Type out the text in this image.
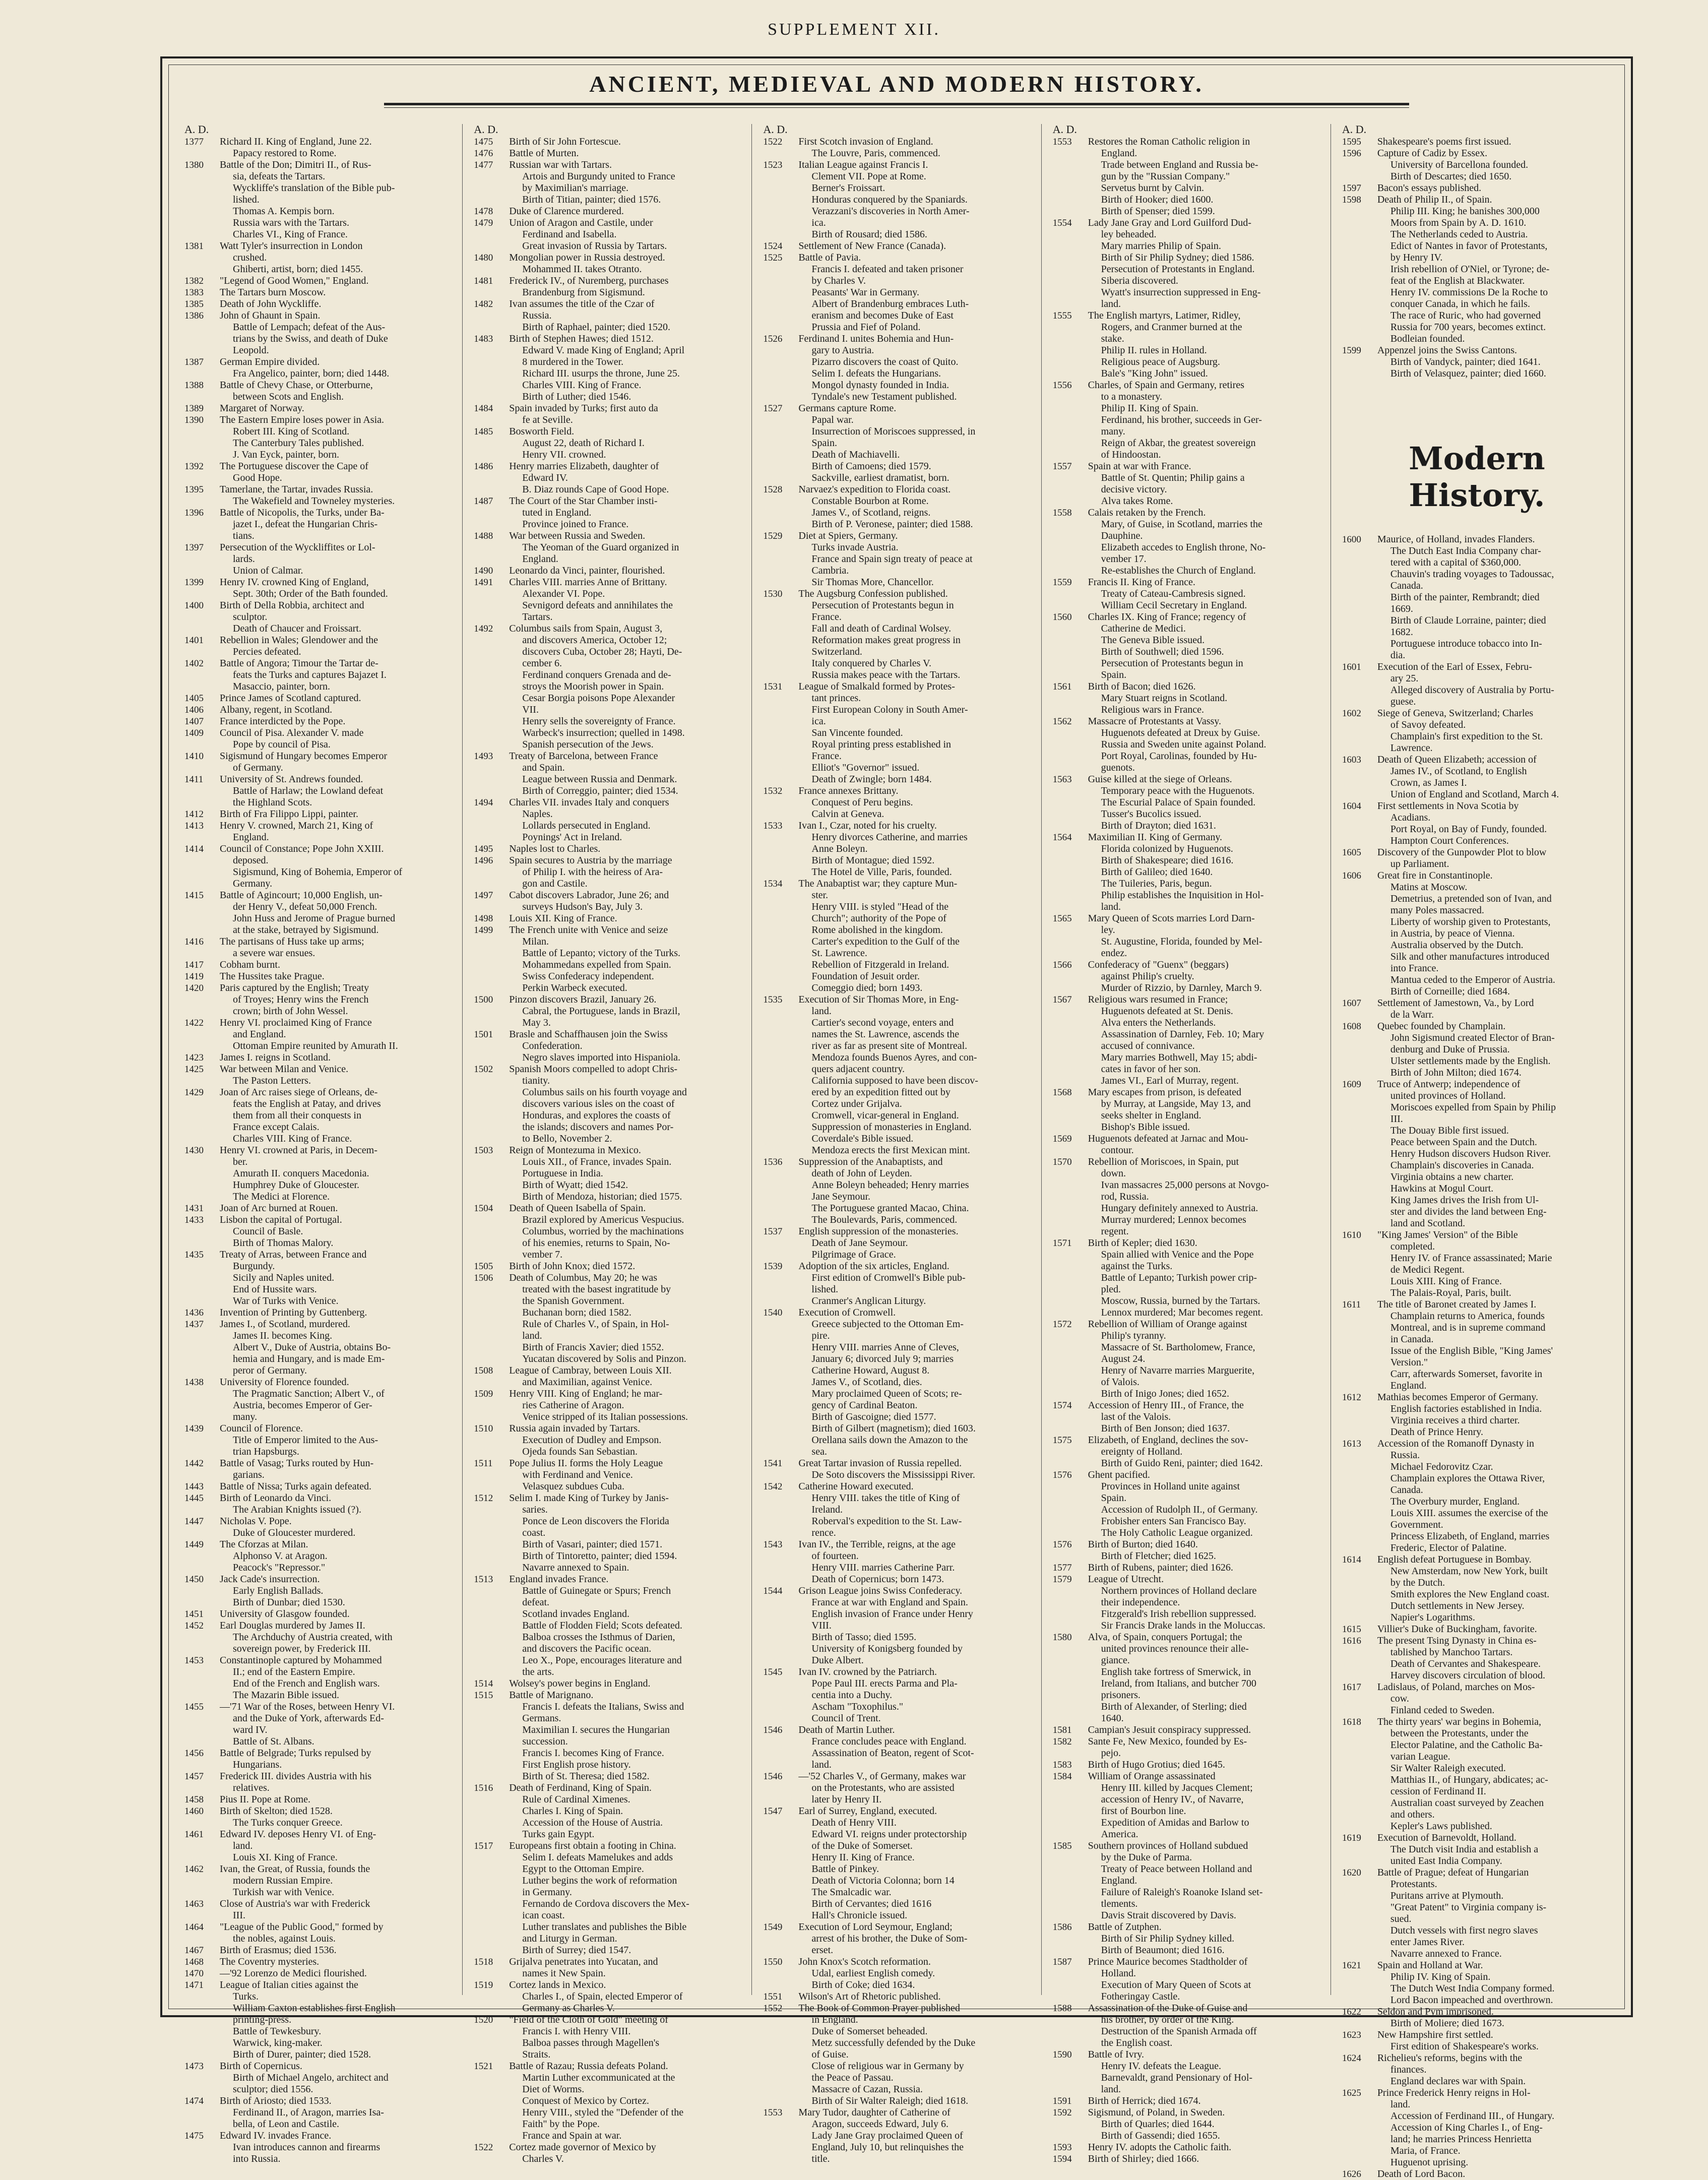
SUPPLEMENT XII.
ANCIENT, MEDIEVAL AND MODERN HISTORY.
A. D.
1377	Richard II. King of England, June 22.
Papacy restored to Rome.
1380	Battle of the Don; Dimitri II., of Rus-
sia, defeats the Tartars.
Wyckliffe's translation of the Bible pub-
lished.
Thomas A. Kempis born.
Russia wars with the Tartars.
Charles VI., King of France.
1381	Watt Tyler's insurrection in London
crushed.
Ghiberti, artist, born; died 1455.
1382	"Legend of Good Women," England.
1383	The Tartars burn Moscow.
1385	Death of John Wyckliffe.
1386	John of Ghaunt in Spain.
Battle of Lempach; defeat of the Aus-
trians by the Swiss, and death of Duke
Leopold.
1387	German Empire divided.
Fra Angelico, painter, born; died 1448.
1388	Battle of Chevy Chase, or Otterburne,
between Scots and English.
1389	Margaret of Norway.
1390	The Eastern Empire loses power in Asia.
Robert III. King of Scotland.
The Canterbury Tales published.
J. Van Eyck, painter, born.
1392	The Portuguese discover the Cape of
Good Hope.
1395	Tamerlane, the Tartar, invades Russia.
The Wakefield and Towneley mysteries.
1396	Battle of Nicopolis, the Turks, under Ba-
jazet I., defeat the Hungarian Chris-
tians.
1397	Persecution of the Wyckliffites or Lol-
lards.
Union of Calmar.
1399	Henry IV. crowned King of England,
Sept. 30th; Order of the Bath founded.
1400	Birth of Della Robbia, architect and
sculptor.
Death of Chaucer and Froissart.
1401	Rebellion in Wales; Glendower and the
Percies defeated.
1402	Battle of Angora; Timour the Tartar de-
feats the Turks and captures Bajazet I.
Masaccio, painter, born.
1405	Prince James of Scotland captured.
1406	Albany, regent, in Scotland.
1407	France interdicted by the Pope.
1409	Council of Pisa. Alexander V. made
Pope by council of Pisa.
1410	Sigismund of Hungary becomes Emperor
of Germany.
1411	University of St. Andrews founded.
Battle of Harlaw; the Lowland defeat
the Highland Scots.
1412	Birth of Fra Filippo Lippi, painter.
1413	Henry V. crowned, March 21, King of
England.
1414	Council of Constance; Pope John XXIII.
deposed.
Sigismund, King of Bohemia, Emperor of
Germany.
1415	Battle of Agincourt; 10,000 English, un-
der Henry V., defeat 50,000 French.
John Huss and Jerome of Prague burned
at the stake, betrayed by Sigismund.
1416	The partisans of Huss take up arms;
a severe war ensues.
1417	Cobham burnt.
1419	The Hussites take Prague.
1420	Paris captured by the English; Treaty
of Troyes; Henry wins the French
crown; birth of John Wessel.
1422	Henry VI. proclaimed King of France
and England.
Ottoman Empire reunited by Amurath II.
1423	James I. reigns in Scotland.
1425	War between Milan and Venice.
The Paston Letters.
1429	Joan of Arc raises siege of Orleans, de-
feats the English at Patay, and drives
them from all their conquests in
France except Calais.
Charles VIII. King of France.
1430	Henry VI. crowned at Paris, in Decem-
ber.
Amurath II. conquers Macedonia.
Humphrey Duke of Gloucester.
The Medici at Florence.
1431	Joan of Arc burned at Rouen.
1433	Lisbon the capital of Portugal.
Council of Basle.
Birth of Thomas Malory.
1435	Treaty of Arras, between France and
Burgundy.
Sicily and Naples united.
End of Hussite wars.
War of Turks with Venice.
1436	Invention of Printing by Guttenberg.
1437	James I., of Scotland, murdered.
James II. becomes King.
Albert V., Duke of Austria, obtains Bo-
hemia and Hungary, and is made Em-
peror of Germany.
1438	University of Florence founded.
The Pragmatic Sanction; Albert V., of
Austria, becomes Emperor of Ger-
many.
1439	Council of Florence.
Title of Emperor limited to the Aus-
trian Hapsburgs.
1442	Battle of Vasag; Turks routed by Hun-
garians.
1443	Battle of Nissa; Turks again defeated.
1445	Birth of Leonardo da Vinci.
The Arabian Knights issued (?).
1447	Nicholas V. Pope.
Duke of Gloucester murdered.
1449	The Cforzas at Milan.
Alphonso V. at Aragon.
Peacock's "Repressor."
1450	Jack Cade's insurrection.
Early English Ballads.
Birth of Dunbar; died 1530.
1451	University of Glasgow founded.
1452	Earl Douglas murdered by James II.
The Archduchy of Austria created, with
sovereign power, by Frederick III.
1453	Constantinople captured by Mohammed
II.; end of the Eastern Empire.
End of the French and English wars.
The Mazarin Bible issued.
1455	—'71 War of the Roses, between Henry VI.
and the Duke of York, afterwards Ed-
ward IV.
Battle of St. Albans.
1456	Battle of Belgrade; Turks repulsed by
Hungarians.
1457	Frederick III. divides Austria with his
relatives.
1458	Pius II. Pope at Rome.
1460	Birth of Skelton; died 1528.
The Turks conquer Greece.
1461	Edward IV. deposes Henry VI. of Eng-
land.
Louis XI. King of France.
1462	Ivan, the Great, of Russia, founds the
modern Russian Empire.
Turkish war with Venice.
1463	Close of Austria's war with Frederick
III.
1464	"League of the Public Good," formed by
the nobles, against Louis.
1467	Birth of Erasmus; died 1536.
1468	The Coventry mysteries.
1470	—'92 Lorenzo de Medici flourished.
1471	League of Italian cities against the
Turks.
William Caxton establishes first English
printing-press.
Battle of Tewkesbury.
Warwick, king-maker.
Birth of Durer, painter; died 1528.
1473	Birth of Copernicus.
Birth of Michael Angelo, architect and
sculptor; died 1556.
1474	Birth of Ariosto; died 1533.
Ferdinand II., of Aragon, marries Isa-
bella, of Leon and Castile.
1475	Edward IV. invades France.
Ivan introduces cannon and firearms
into Russia.
A. D.
1475	Birth of Sir John Fortescue.
1476	Battle of Murten.
1477	Russian war with Tartars.
Artois and Burgundy united to France
by Maximilian's marriage.
Birth of Titian, painter; died 1576.
1478	Duke of Clarence murdered.
1479	Union of Aragon and Castile, under
Ferdinand and Isabella.
Great invasion of Russia by Tartars.
1480	Mongolian power in Russia destroyed.
Mohammed II. takes Otranto.
1481	Frederick IV., of Nuremberg, purchases
Brandenburg from Sigismund.
1482	Ivan assumes the title of the Czar of
Russia.
Birth of Raphael, painter; died 1520.
1483	Birth of Stephen Hawes; died 1512.
Edward V. made King of England; April
8 murdered in the Tower.
Richard III. usurps the throne, June 25.
Charles VIII. King of France.
Birth of Luther; died 1546.
1484	Spain invaded by Turks; first auto da
fe at Seville.
1485	Bosworth Field.
August 22, death of Richard I.
Henry VII. crowned.
1486	Henry marries Elizabeth, daughter of
Edward IV.
B. Diaz rounds Cape of Good Hope.
1487	The Court of the Star Chamber insti-
tuted in England.
Province joined to France.
1488	War between Russia and Sweden.
The Yeoman of the Guard organized in
England.
1490	Leonardo da Vinci, painter, flourished.
1491	Charles VIII. marries Anne of Brittany.
Alexander VI. Pope.
Sevnigord defeats and annihilates the
Tartars.
1492	Columbus sails from Spain, August 3,
and discovers America, October 12;
discovers Cuba, October 28; Hayti, De-
cember 6.
Ferdinand conquers Grenada and de-
stroys the Moorish power in Spain.
Cesar Borgia poisons Pope Alexander
VII.
Henry sells the sovereignty of France.
Warbeck's insurrection; quelled in 1498.
Spanish persecution of the Jews.
1493	Treaty of Barcelona, between France
and Spain.
League between Russia and Denmark.
Birth of Correggio, painter; died 1534.
1494	Charles VII. invades Italy and conquers
Naples.
Lollards persecuted in England.
Poynings' Act in Ireland.
1495	Naples lost to Charles.
1496	Spain secures to Austria by the marriage
of Philip I. with the heiress of Ara-
gon and Castile.
1497	Cabot discovers Labrador, June 26; and
surveys Hudson's Bay, July 3.
1498	Louis XII. King of France.
1499	The French unite with Venice and seize
Milan.
Battle of Lepanto; victory of the Turks.
Mohammedans expelled from Spain.
Swiss Confederacy independent.
Perkin Warbeck executed.
1500	Pinzon discovers Brazil, January 26.
Cabral, the Portuguese, lands in Brazil,
May 3.
1501	Brasle and Schaffhausen join the Swiss
Confederation.
Negro slaves imported into Hispaniola.
1502	Spanish Moors compelled to adopt Chris-
tianity.
Columbus sails on his fourth voyage and
discovers various isles on the coast of
Honduras, and explores the coasts of
the islands; discovers and names Por-
to Bello, November 2.
1503	Reign of Montezuma in Mexico.
Louis XII., of France, invades Spain.
Portuguese in India.
Birth of Wyatt; died 1542.
Birth of Mendoza, historian; died 1575.
1504	Death of Queen Isabella of Spain.
Brazil explored by Americus Vespucius.
Columbus, worried by the machinations
of his enemies, returns to Spain, No-
vember 7.
1505	Birth of John Knox; died 1572.
1506	Death of Columbus, May 20; he was
treated with the basest ingratitude by
the Spanish Government.
Buchanan born; died 1582.
Rule of Charles V., of Spain, in Hol-
land.
Birth of Francis Xavier; died 1552.
Yucatan discovered by Solis and Pinzon.
1508	League of Cambray, between Louis XII.
and Maximilian, against Venice.
1509	Henry VIII. King of England; he mar-
ries Catherine of Aragon.
Venice stripped of its Italian possessions.
1510	Russia again invaded by Tartars.
Execution of Dudley and Empson.
Ojeda founds San Sebastian.
1511	Pope Julius II. forms the Holy League
with Ferdinand and Venice.
Velasquez subdues Cuba.
1512	Selim I. made King of Turkey by Janis-
saries.
Ponce de Leon discovers the Florida
coast.
Birth of Vasari, painter; died 1571.
Birth of Tintoretto, painter; died 1594.
Navarre annexed to Spain.
1513	England invades France.
Battle of Guinegate or Spurs; French
defeat.
Scotland invades England.
Battle of Flodden Field; Scots defeated.
Balboa crosses the Isthmus of Darien,
and discovers the Pacific ocean.
Leo X., Pope, encourages literature and
the arts.
1514	Wolsey's power begins in England.
1515	Battle of Marignano.
Francis I. defeats the Italians, Swiss and
Germans.
Maximilian I. secures the Hungarian
succession.
Francis I. becomes King of France.
First English prose history.
Birth of St. Theresa; died 1582.
1516	Death of Ferdinand, King of Spain.
Rule of Cardinal Ximenes.
Charles I. King of Spain.
Accession of the House of Austria.
Turks gain Egypt.
1517	Europeans first obtain a footing in China.
Selim I. defeats Mamelukes and adds
Egypt to the Ottoman Empire.
Luther begins the work of reformation
in Germany.
Fernando de Cordova discovers the Mex-
ican coast.
Luther translates and publishes the Bible
and Liturgy in German.
Birth of Surrey; died 1547.
1518	Grijalva penetrates into Yucatan, and
names it New Spain.
1519	Cortez lands in Mexico.
Charles I., of Spain, elected Emperor of
Germany as Charles V.
1520	"Field of the Cloth of Gold" meeting of
Francis I. with Henry VIII.
Balboa passes through Magellen's
Straits.
1521	Battle of Razau; Russia defeats Poland.
Martin Luther excommunicated at the
Diet of Worms.
Conquest of Mexico by Cortez.
Henry VIII., styled the "Defender of the
Faith" by the Pope.
France and Spain at war.
1522	Cortez made governor of Mexico by
Charles V.
A. D.
1522	First Scotch invasion of England.
The Louvre, Paris, commenced.
1523	Italian League against Francis I.
Clement VII. Pope at Rome.
Berner's Froissart.
Honduras conquered by the Spaniards.
Verazzani's discoveries in North Amer-
ica.
Birth of Rousard; died 1586.
1524	Settlement of New France (Canada).
1525	Battle of Pavia.
Francis I. defeated and taken prisoner
by Charles V.
Peasants' War in Germany.
Albert of Brandenburg embraces Luth-
eranism and becomes Duke of East
Prussia and Fief of Poland.
1526	Ferdinand I. unites Bohemia and Hun-
gary to Austria.
Pizarro discovers the coast of Quito.
Selim I. defeats the Hungarians.
Mongol dynasty founded in India.
Tyndale's new Testament published.
1527	Germans capture Rome.
Papal war.
Insurrection of Moriscoes suppressed, in
Spain.
Death of Machiavelli.
Birth of Camoens; died 1579.
Sackville, earliest dramatist, born.
1528	Narvaez's expedition to Florida coast.
Constable Bourbon at Rome.
James V., of Scotland, reigns.
Birth of P. Veronese, painter; died 1588.
1529	Diet at Spiers, Germany.
Turks invade Austria.
France and Spain sign treaty of peace at
Cambria.
Sir Thomas More, Chancellor.
1530	The Augsburg Confession published.
Persecution of Protestants begun in
France.
Fall and death of Cardinal Wolsey.
Reformation makes great progress in
Switzerland.
Italy conquered by Charles V.
Russia makes peace with the Tartars.
1531	League of Smalkald formed by Protes-
tant princes.
First European Colony in South Amer-
ica.
San Vincente founded.
Royal printing press established in
France.
Elliot's "Governor" issued.
Death of Zwingle; born 1484.
1532	France annexes Brittany.
Conquest of Peru begins.
Calvin at Geneva.
1533	Ivan I., Czar, noted for his cruelty.
Henry divorces Catherine, and marries
Anne Boleyn.
Birth of Montague; died 1592.
The Hotel de Ville, Paris, founded.
1534	The Anabaptist war; they capture Mun-
ster.
Henry VIII. is styled "Head of the
Church"; authority of the Pope of
Rome abolished in the kingdom.
Carter's expedition to the Gulf of the
St. Lawrence.
Rebellion of Fitzgerald in Ireland.
Foundation of Jesuit order.
Comeggio died; born 1493.
1535	Execution of Sir Thomas More, in Eng-
land.
Cartier's second voyage, enters and
names the St. Lawrence, ascends the
river as far as present site of Montreal.
Mendoza founds Buenos Ayres, and con-
quers adjacent country.
California supposed to have been discov-
ered by an expedition fitted out by
Cortez under Grijalva.
Cromwell, vicar-general in England.
Suppression of monasteries in England.
Coverdale's Bible issued.
Mendoza erects the first Mexican mint.
1536	Suppression of the Anabaptists, and
death of John of Leyden.
Anne Boleyn beheaded; Henry marries
Jane Seymour.
The Portuguese granted Macao, China.
The Boulevards, Paris, commenced.
1537	English suppression of the monasteries.
Death of Jane Seymour.
Pilgrimage of Grace.
1539	Adoption of the six articles, England.
First edition of Cromwell's Bible pub-
lished.
Cranmer's Anglican Liturgy.
1540	Execution of Cromwell.
Greece subjected to the Ottoman Em-
pire.
Henry VIII. marries Anne of Cleves,
January 6; divorced July 9; marries
Catherine Howard, August 8.
James V., of Scotland, dies.
Mary proclaimed Queen of Scots; re-
gency of Cardinal Beaton.
Birth of Gascoigne; died 1577.
Birth of Gilbert (magnetism); died 1603.
Orellana sails down the Amazon to the
sea.
1541	Great Tartar invasion of Russia repelled.
De Soto discovers the Mississippi River.
1542	Catherine Howard executed.
Henry VIII. takes the title of King of
Ireland.
Roberval's expedition to the St. Law-
rence.
1543	Ivan IV., the Terrible, reigns, at the age
of fourteen.
Henry VIII. marries Catherine Parr.
Death of Copernicus; born 1473.
1544	Grison League joins Swiss Confederacy.
France at war with England and Spain.
English invasion of France under Henry
VIII.
Birth of Tasso; died 1595.
University of Konigsberg founded by
Duke Albert.
1545	Ivan IV. crowned by the Patriarch.
Pope Paul III. erects Parma and Pla-
centia into a Duchy.
Ascham "Toxophilus."
Council of Trent.
1546	Death of Martin Luther.
France concludes peace with England.
Assassination of Beaton, regent of Scot-
land.
1546	—'52 Charles V., of Germany, makes war
on the Protestants, who are assisted
later by Henry II.
1547	Earl of Surrey, England, executed.
Death of Henry VIII.
Edward VI. reigns under protectorship
of the Duke of Somerset.
Henry II. King of France.
Battle of Pinkey.
Death of Victoria Colonna; born 14
The Smalcadic war.
Birth of Cervantes; died 1616
Hall's Chronicle issued.
1549	Execution of Lord Seymour, England;
arrest of his brother, the Duke of Som-
erset.
1550	John Knox's Scotch reformation.
Udal, earliest English comedy.
Birth of Coke; died 1634.
1551	Wilson's Art of Rhetoric published.
1552	The Book of Common Prayer published
in England.
Duke of Somerset beheaded.
Metz successfully defended by the Duke
of Guise.
Close of religious war in Germany by
the Peace of Passau.
Massacre of Cazan, Russia.
Birth of Sir Walter Raleigh; died 1618.
1553	Mary Tudor, daughter of Catherine of
Aragon, succeeds Edward, July 6.
Lady Jane Gray proclaimed Queen of
England, July 10, but relinquishes the
title.
A. D.
1553	Restores the Roman Catholic religion in
England.
Trade between England and Russia be-
gun by the "Russian Company."
Servetus burnt by Calvin.
Birth of Hooker; died 1600.
Birth of Spenser; died 1599.
1554	Lady Jane Gray and Lord Guilford Dud-
ley beheaded.
Mary marries Philip of Spain.
Birth of Sir Philip Sydney; died 1586.
Persecution of Protestants in England.
Siberia discovered.
Wyatt's insurrection suppressed in Eng-
land.
1555	The English martyrs, Latimer, Ridley,
Rogers, and Cranmer burned at the
stake.
Philip II. rules in Holland.
Religious peace of Augsburg.
Bale's "King John" issued.
1556	Charles, of Spain and Germany, retires
to a monastery.
Philip II. King of Spain.
Ferdinand, his brother, succeeds in Ger-
many.
Reign of Akbar, the greatest sovereign
of Hindoostan.
1557	Spain at war with France.
Battle of St. Quentin; Philip gains a
decisive victory.
Alva takes Rome.
1558	Calais retaken by the French.
Mary, of Guise, in Scotland, marries the
Dauphine.
Elizabeth accedes to English throne, No-
vember 17.
Re-establishes the Church of England.
1559	Francis II. King of France.
Treaty of Cateau-Cambresis signed.
William Cecil Secretary in England.
1560	Charles IX. King of France; regency of
Catherine de Medici.
The Geneva Bible issued.
Birth of Southwell; died 1596.
Persecution of Protestants begun in
Spain.
1561	Birth of Bacon; died 1626.
Mary Stuart reigns in Scotland.
Religious wars in France.
1562	Massacre of Protestants at Vassy.
Huguenots defeated at Dreux by Guise.
Russia and Sweden unite against Poland.
Port Royal, Carolinas, founded by Hu-
guenots.
1563	Guise killed at the siege of Orleans.
Temporary peace with the Huguenots.
The Escurial Palace of Spain founded.
Tusser's Bucolics issued.
Birth of Drayton; died 1631.
1564	Maximilian II. King of Germany.
Florida colonized by Huguenots.
Birth of Shakespeare; died 1616.
Birth of Galileo; died 1640.
The Tuileries, Paris, begun.
Philip establishes the Inquisition in Hol-
land.
1565	Mary Queen of Scots marries Lord Darn-
ley.
St. Augustine, Florida, founded by Mel-
endez.
1566	Confederacy of "Guenx" (beggars)
against Philip's cruelty.
Murder of Rizzio, by Darnley, March 9.
1567	Religious wars resumed in France;
Huguenots defeated at St. Denis.
Alva enters the Netherlands.
Assassination of Darnley, Feb. 10; Mary
accused of connivance.
Mary marries Bothwell, May 15; abdi-
cates in favor of her son.
James VI., Earl of Murray, regent.
1568	Mary escapes from prison, is defeated
by Murray, at Langside, May 13, and
seeks shelter in England.
Bishop's Bible issued.
1569	Huguenots defeated at Jarnac and Mou-
contour.
1570	Rebellion of Moriscoes, in Spain, put
down.
Ivan massacres 25,000 persons at Novgo-
rod, Russia.
Hungary definitely annexed to Austria.
Murray murdered; Lennox becomes
regent.
1571	Birth of Kepler; died 1630.
Spain allied with Venice and the Pope
against the Turks.
Battle of Lepanto; Turkish power crip-
pled.
Moscow, Russia, burned by the Tartars.
Lennox murdered; Mar becomes regent.
1572	Rebellion of William of Orange against
Philip's tyranny.
Massacre of St. Bartholomew, France,
August 24.
Henry of Navarre marries Marguerite,
of Valois.
Birth of Inigo Jones; died 1652.
1574	Accession of Henry III., of France, the
last of the Valois.
Birth of Ben Jonson; died 1637.
1575	Elizabeth, of England, declines the sov-
ereignty of Holland.
Birth of Guido Reni, painter; died 1642.
1576	Ghent pacified.
Provinces in Holland unite against
Spain.
Accession of Rudolph II., of Germany.
Frobisher enters San Francisco Bay.
The Holy Catholic League organized.
1576	Birth of Burton; died 1640.
Birth of Fletcher; died 1625.
1577	Birth of Rubens, painter; died 1626.
1579	League of Utrecht.
Northern provinces of Holland declare
their independence.
Fitzgerald's Irish rebellion suppressed.
Sir Francis Drake lands in the Moluccas.
1580	Alva, of Spain, conquers Portugal; the
united provinces renounce their alle-
giance.
English take fortress of Smerwick, in
Ireland, from Italians, and butcher 700
prisoners.
Birth of Alexander, of Sterling; died
1640.
1581	Campian's Jesuit conspiracy suppressed.
1582	Sante Fe, New Mexico, founded by Es-
pejo.
1583	Birth of Hugo Grotius; died 1645.
1584	William of Orange assassinated
Henry III. killed by Jacques Clement;
accession of Henry IV., of Navarre,
first of Bourbon line.
Expedition of Amidas and Barlow to
America.
1585	Southern provinces of Holland subdued
by the Duke of Parma.
Treaty of Peace between Holland and
England.
Failure of Raleigh's Roanoke Island set-
tlements.
Davis Strait discovered by Davis.
1586	Battle of Zutphen.
Birth of Sir Philip Sydney killed.
Birth of Beaumont; died 1616.
1587	Prince Maurice becomes Stadtholder of
Holland.
Execution of Mary Queen of Scots at
Fotheringay Castle.
1588	Assassination of the Duke of Guise and
his brother, by order of the King.
Destruction of the Spanish Armada off
the English coast.
1590	Battle of Ivry.
Henry IV. defeats the League.
Barnevaldt, grand Pensionary of Hol-
land.
1591	Birth of Herrick; died 1674.
1592	Sigismund, of Poland, in Sweden.
Birth of Quarles; died 1644.
Birth of Gassendi; died 1655.
1593	Henry IV. adopts the Catholic faith.
1594	Birth of Shirley; died 1666.
A. D.
1595	Shakespeare's poems first issued.
1596	Capture of Cadiz by Essex.
University of Barcellona founded.
Birth of Descartes; died 1650.
1597	Bacon's essays published.
1598	Death of Philip II., of Spain.
Philip III. King; he banishes 300,000
Moors from Spain by A. D. 1610.
The Netherlands ceded to Austria.
Edict of Nantes in favor of Protestants,
by Henry IV.
Irish rebellion of O'Niel, or Tyrone; de-
feat of the English at Blackwater.
Henry IV. commissions De la Roche to
conquer Canada, in which he fails.
The race of Ruric, who had governed
Russia for 700 years, becomes extinct.
Bodleian founded.
1599	Appenzel joins the Swiss Cantons.
Birth of Vandyck, painter; died 1641.
Birth of Velasquez, painter; died 1660.
Modern History.
1600	Maurice, of Holland, invades Flanders.
The Dutch East India Company char-
tered with a capital of $360,000.
Chauvin's trading voyages to Tadoussac,
Canada.
Birth of the painter, Rembrandt; died
1669.
Birth of Claude Lorraine, painter; died
1682.
Portuguese introduce tobacco into In-
dia.
1601	Execution of the Earl of Essex, Febru-
ary 25.
Alleged discovery of Australia by Portu-
guese.
1602	Siege of Geneva, Switzerland; Charles
of Savoy defeated.
Champlain's first expedition to the St.
Lawrence.
1603	Death of Queen Elizabeth; accession of
James IV., of Scotland, to English
Crown, as James I.
Union of England and Scotland, March 4.
1604	First settlements in Nova Scotia by
Acadians.
Port Royal, on Bay of Fundy, founded.
Hampton Court Conferences.
1605	Discovery of the Gunpowder Plot to blow
up Parliament.
1606	Great fire in Constantinople.
Matins at Moscow.
Demetrius, a pretended son of Ivan, and
many Poles massacred.
Liberty of worship given to Protestants,
in Austria, by peace of Vienna.
Australia observed by the Dutch.
Silk and other manufactures introduced
into France.
Mantua ceded to the Emperor of Austria.
Birth of Corneille; died 1684.
1607	Settlement of Jamestown, Va., by Lord
de la Warr.
1608	Quebec founded by Champlain.
John Sigismund created Elector of Bran-
denburg and Duke of Prussia.
Ulster settlements made by the English.
Birth of John Milton; died 1674.
1609	Truce of Antwerp; independence of
united provinces of Holland.
Moriscoes expelled from Spain by Philip
III.
The Douay Bible first issued.
Peace between Spain and the Dutch.
Henry Hudson discovers Hudson River.
Champlain's discoveries in Canada.
Virginia obtains a new charter.
Hawkins at Mogul Court.
King James drives the Irish from Ul-
ster and divides the land between Eng-
land and Scotland.
1610	"King James' Version" of the Bible
completed.
Henry IV. of France assassinated; Marie
de Medici Regent.
Louis XIII. King of France.
The Palais-Royal, Paris, built.
1611	The title of Baronet created by James I.
Champlain returns to America, founds
Montreal, and is in supreme command
in Canada.
Issue of the English Bible, "King James'
Version."
Carr, afterwards Somerset, favorite in
England.
1612	Mathias becomes Emperor of Germany.
English factories established in India.
Virginia receives a third charter.
Death of Prince Henry.
1613	Accession of the Romanoff Dynasty in
Russia.
Michael Fedorovitz Czar.
Champlain explores the Ottawa River,
Canada.
The Overbury murder, England.
Louis XIII. assumes the exercise of the
Government.
Princess Elizabeth, of England, marries
Frederic, Elector of Palatine.
1614	English defeat Portuguese in Bombay.
New Amsterdam, now New York, built
by the Dutch.
Smith explores the New England coast.
Dutch settlements in New Jersey.
Napier's Logarithms.
1615	Villier's Duke of Buckingham, favorite.
1616	The present Tsing Dynasty in China es-
tablished by Manchoo Tartars.
Death of Cervantes and Shakespeare.
Harvey discovers circulation of blood.
1617	Ladislaus, of Poland, marches on Mos-
cow.
Finland ceded to Sweden.
1618	The thirty years' war begins in Bohemia,
between the Protestants, under the
Elector Palatine, and the Catholic Ba-
varian League.
Sir Walter Raleigh executed.
Matthias II., of Hungary, abdicates; ac-
cession of Ferdinand II.
Australian coast surveyed by Zeachen
and others.
Kepler's Laws published.
1619	Execution of Barnevoldt, Holland.
The Dutch visit India and establish a
united East India Company.
1620	Battle of Prague; defeat of Hungarian
Protestants.
Puritans arrive at Plymouth.
"Great Patent" to Virginia company is-
sued.
Dutch vessels with first negro slaves
enter James River.
Navarre annexed to France.
1621	Spain and Holland at War.
Philip IV. King of Spain.
The Dutch West India Company formed.
Lord Bacon impeached and overthrown.
1622	Seldon and Pym imprisoned.
Birth of Moliere; died 1673.
1623	New Hampshire first settled.
First edition of Shakespeare's works.
1624	Richelieu's reforms, begins with the
finances.
England declares war with Spain.
1625	Prince Frederick Henry reigns in Hol-
land.
Accession of Ferdinand III., of Hungary.
Accession of King Charles I., of Eng-
land; he marries Princess Henrietta
Maria, of France.
Huguenot uprising.
1626	Death of Lord Bacon.
